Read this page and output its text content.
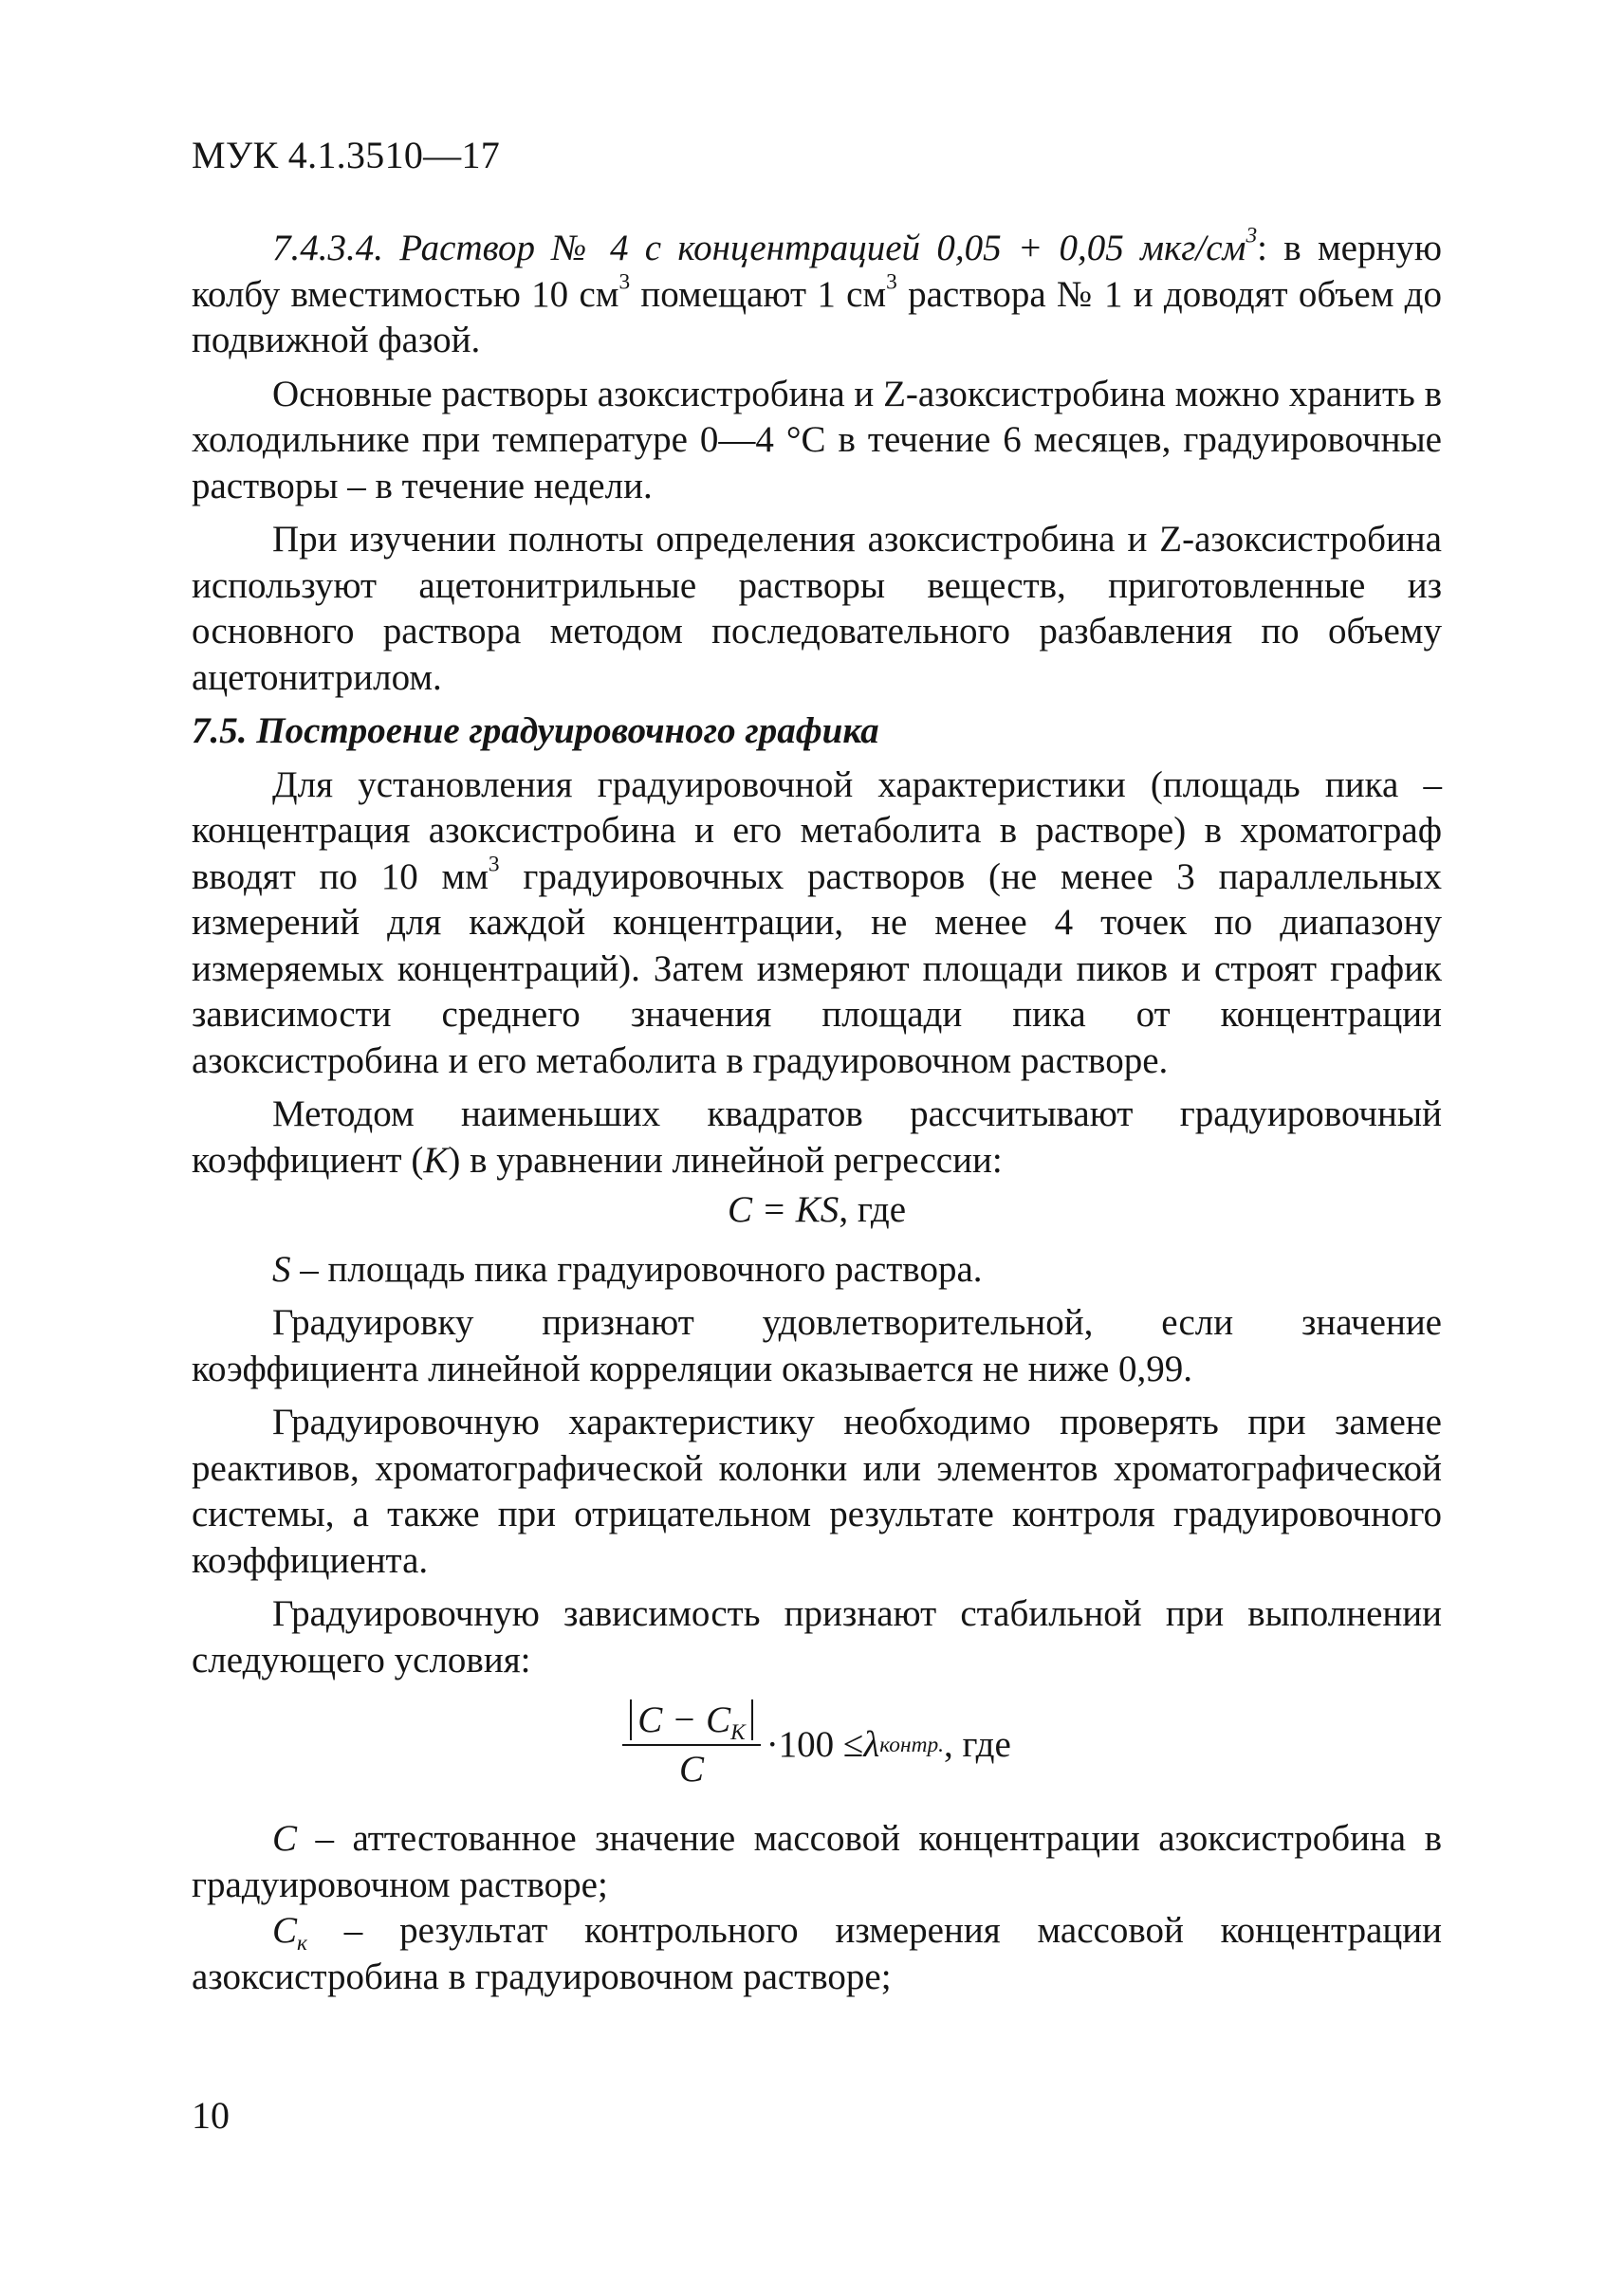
МУК 4.1.3510—17

7.4.3.4. Раствор № 4 с концентрацией 0,05 + 0,05 мкг/$см^3$: в мерную колбу вместимостью 10 $см^3$ помещают 1 $см^3$ раствора № 1 и доводят объем до подвижной фазой.

Основные растворы азоксистробина и Z-азоксистробина можно хранить в холодильнике при температуре 0—4 °C в течение 6 месяцев, градуировочные растворы – в течение недели.

При изучении полноты определения азоксистробина и Z-азоксистробина используют ацетонитрильные растворы веществ, приготовленные из основного раствора методом последовательного разбавления по объему ацетонитрилом.

7.5. Построение градуировочного графика

Для установления градуировочной характеристики (площадь пика – концентрация азоксистробина и его метаболита в растворе) в хроматограф вводят по 10 $мм^3$ градуировочных растворов (не менее 3 параллельных измерений для каждой концентрации, не менее 4 точек по диапазону измеряемых концентраций). Затем измеряют площади пиков и строят график зависимости среднего значения площади пика от концентрации азоксистробина и его метаболита в градуировочном растворе.

Методом наименьших квадратов рассчитывают градуировочный коэффициент (K) в уравнении линейной регрессии:

C = KS, где

S – площадь пика градуировочного раствора.

Градуировку признают удовлетворительной, если значение коэффициента линейной корреляции оказывается не ниже 0,99.

Градуировочную характеристику необходимо проверять при замене реактивов, хроматографической колонки или элементов хроматографической системы, а также при отрицательном результате контроля градуировочного коэффициента.

Градуировочную зависимость признают стабильной при выполнении следующего условия:

$\frac{C - C_K}{C} \cdot 100 \le \lambda$ контр. , где

C – аттестованное значение массовой концентрации азоксистробина в градуировочном растворе;

$C_к$ – результат контрольного измерения массовой концентрации азоксистробина в градуировочном растворе;

10
